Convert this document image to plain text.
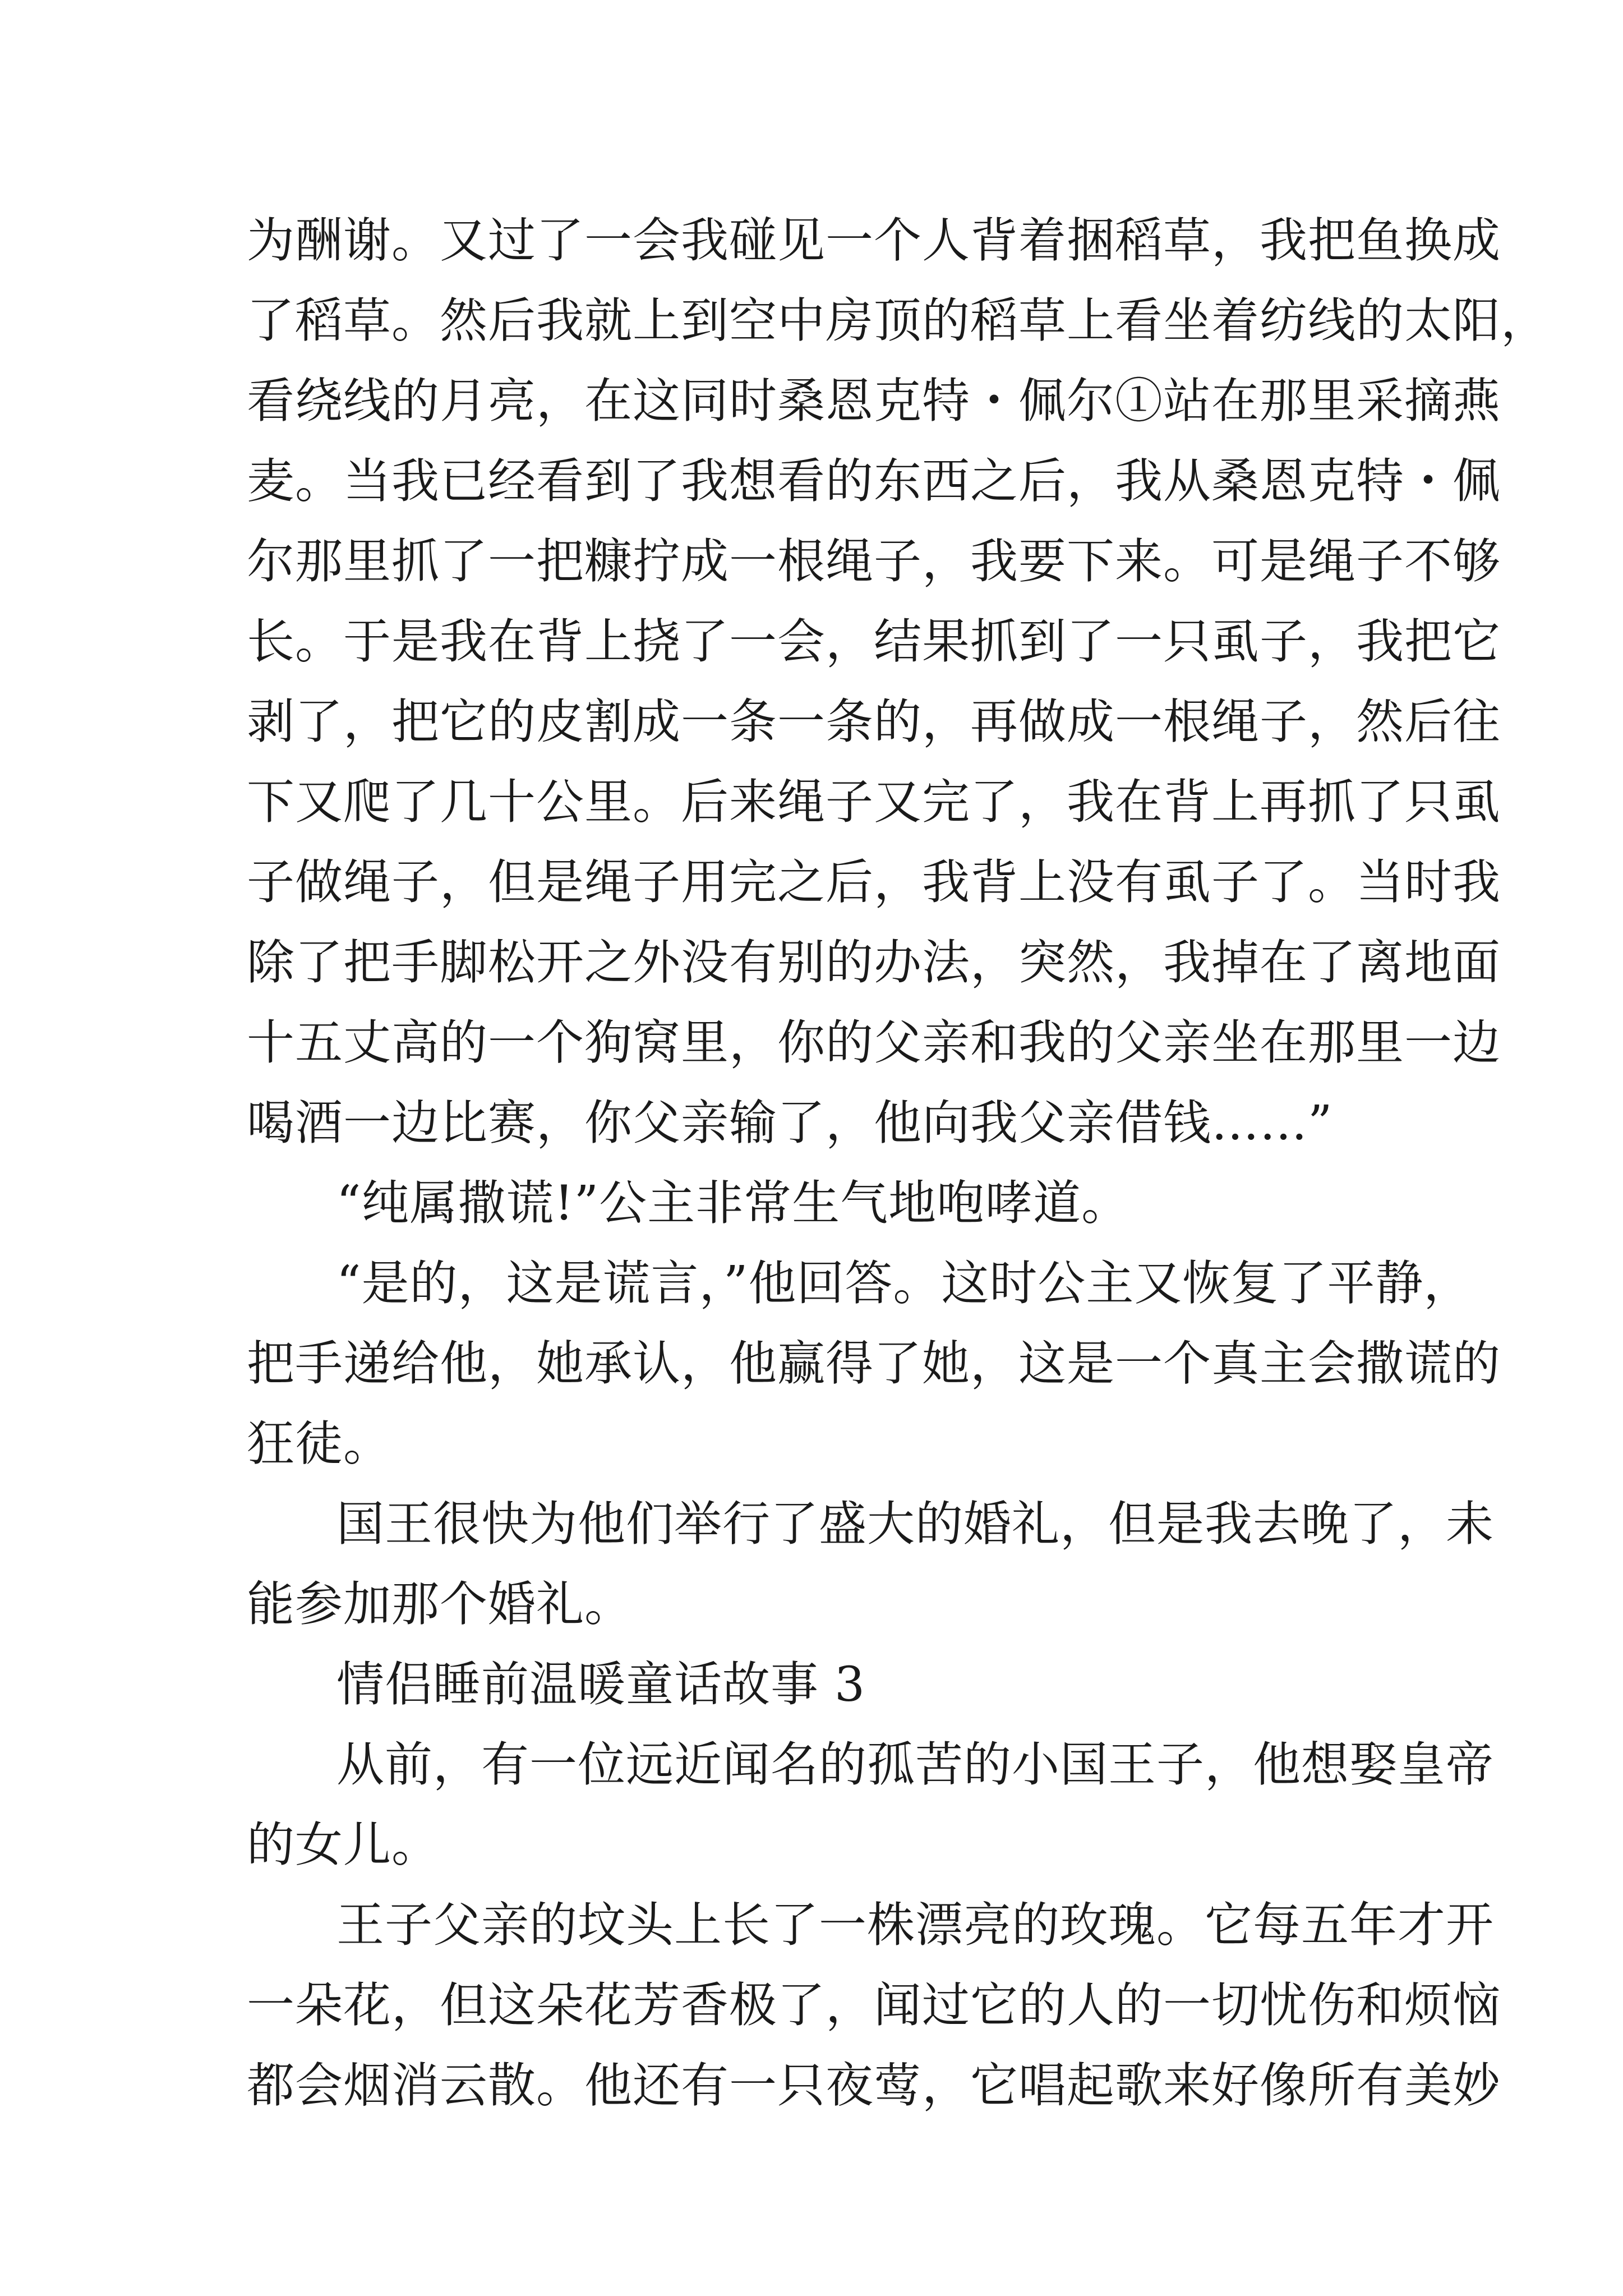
为酬谢。又过了一会我碰见一个人背着捆稻草，我把鱼换成
了稻草。然后我就上到空中房顶的稻草上看坐着纺线的太阳，
看绕线的月亮，在这同时桑恩克特・佩尔①站在那里采摘燕
麦。当我已经看到了我想看的东西之后，我从桑恩克特・佩
尔那里抓了一把糠拧成一根绳子，我要下来。可是绳子不够
长。于是我在背上挠了一会，结果抓到了一只虱子，我把它
剥了，把它的皮割成一条一条的，再做成一根绳子，然后往
下又爬了几十公里。后来绳子又完了，我在背上再抓了只虱
子做绳子，但是绳子用完之后，我背上没有虱子了。当时我
除了把手脚松开之外没有别的办法，突然，我掉在了离地面
十五丈高的一个狗窝里，你的父亲和我的父亲坐在那里一边
喝酒一边比赛，你父亲输了，他向我父亲借钱……”
“纯属撒谎!”公主非常生气地咆哮道。
“是的，这是谎言，”他回答。这时公主又恢复了平静，
把手递给他，她承认，他赢得了她，这是一个真主会撒谎的
狂徒。
国王很快为他们举行了盛大的婚礼，但是我去晚了，未
能参加那个婚礼。
情侣睡前温暖童话故事 3
从前，有一位远近闻名的孤苦的小国王子，他想娶皇帝
的女儿。
王子父亲的坟头上长了一株漂亮的玫瑰。它每五年才开
一朵花，但这朵花芳香极了，闻过它的人的一切忧伤和烦恼
都会烟消云散。他还有一只夜莺，它唱起歌来好像所有美妙
